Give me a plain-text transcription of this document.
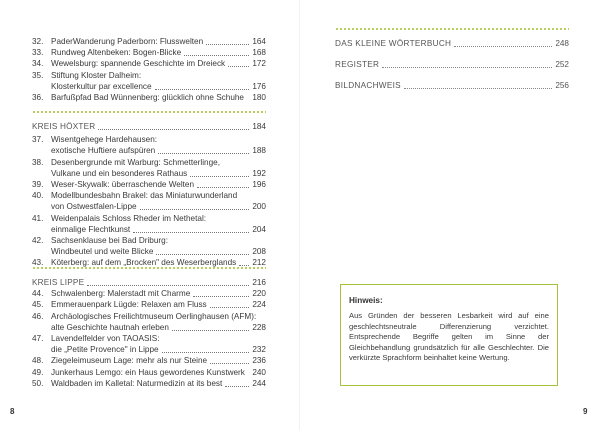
32. PaderWanderung Paderborn: Flusswelten	164
33. Rundweg Altenbeken: Bogen-Blicke	168
34. Wewelsburg: spannende Geschichte im Dreieck	172
35. Stiftung Kloster Dalheim:
Klosterkultur par excellence	176
36. Barfußpfad Bad Wünnenberg: glücklich ohne Schuhe 180
KREIS HÖXTER	184
37. Wisentgehege Hardehausen:
exotische Huftiere aufspüren	188
38. Desenbergrunde mit Warburg: Schmetterlinge,
Vulkane und ein besonderes Rathaus	192
39. Weser-Skywalk: überraschende Welten	196
40. Modellbundesbahn Brakel: das Miniaturwunderland
von Ostwestfalen-Lippe	200
41. Weidenpalais Schloss Rheder im Nethetal:
einmalige Flechtkunst	204
42. Sachsenklause bei Bad Driburg:
Windbeutel und weite Blicke	208
43. Köterberg: auf dem „Brocken" des Weserberglands 212
KREIS LIPPE	216
44. Schwalenberg: Malerstadt mit Charme	220
45. Emmerauenpark Lügde: Relaxen am Fluss	224
46. Archäologisches Freilichtmuseum Oerlinghausen (AFM):
alte Geschichte hautnah erleben	228
47. Lavendelfelder von TAOASIS:
die „Petite Provence" in Lippe	232
48. Ziegeleimuseum Lage: mehr als nur Steine	236
49. Junkerhaus Lemgo: ein Haus gewordenes Kunstwerk 240
50. Waldbaden im Kalletal: Naturmedizin at its best	244
Hinweis:
Aus Gründen der besseren Lesbarkeit wird auf eine geschlechtsneutrale Differenzierung verzichtet. Entsprechende Begriffe gelten im Sinne der Gleichbehandlung grundsätzlich für alle Geschlechter. Die verkürzte Sprachform beinhaltet keine Wertung.
9
DAS KLEINE WÖRTERBUCH	248
REGISTER	252
BILDNACHWEIS	256
8
